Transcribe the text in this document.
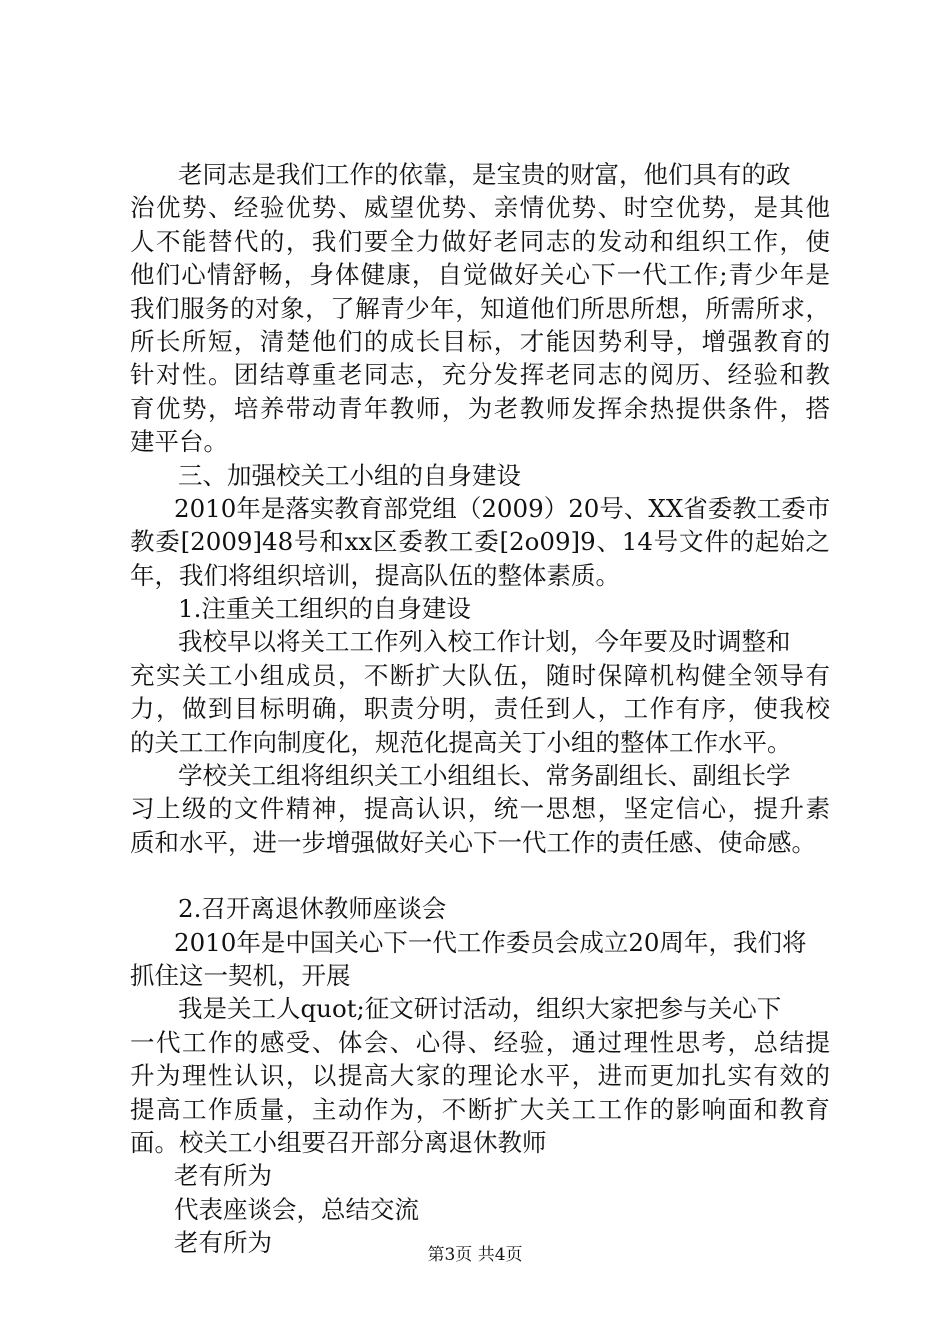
老同志是我们工作的依靠，是宝贵的财富，他们具有的政
治优势、经验优势、威望优势、亲情优势、时空优势，是其他
人不能替代的，我们要全力做好老同志的发动和组织工作，使
他们心情舒畅，身体健康，自觉做好关心下一代工作;青少年是
我们服务的对象，了解青少年，知道他们所思所想，所需所求，
所长所短，清楚他们的成长目标，才能因势利导，增强教育的
针对性。团结尊重老同志，充分发挥老同志的阅历、经验和教
育优势，培养带动青年教师，为老教师发挥余热提供条件，搭
建平台。
三、加强校关工小组的自身建设
2010年是落实教育部党组（2009）20号、XX省委教工委市
教委[2009]48号和xx区委教工委[2o09]9、14号文件的起始之
年，我们将组织培训，提高队伍的整体素质。
1.注重关工组织的自身建设
我校早以将关工工作列入校工作计划，今年要及时调整和
充实关工小组成员，不断扩大队伍，随时保障机构健全领导有
力，做到目标明确，职责分明，责任到人，工作有序，使我校
的关工工作向制度化，规范化提高关丁小组的整体工作水平。
学校关工组将组织关工小组组长、常务副组长、副组长学
习上级的文件精神，提高认识，统一思想，坚定信心，提升素
质和水平，进一步增强做好关心下一代工作的责任感、使命感。
2.召开离退休教师座谈会
2010年是中国关心下一代工作委员会成立20周年，我们将
抓住这一契机，开展
我是关工人quot;征文研讨活动，组织大家把参与关心下
一代工作的感受、体会、心得、经验，通过理性思考，总结提
升为理性认识，以提高大家的理论水平，进而更加扎实有效的
提高工作质量，主动作为，不断扩大关工工作的影响面和教育
面。校关工小组要召开部分离退休教师
老有所为
代表座谈会，总结交流
老有所为	第3页 共4页
